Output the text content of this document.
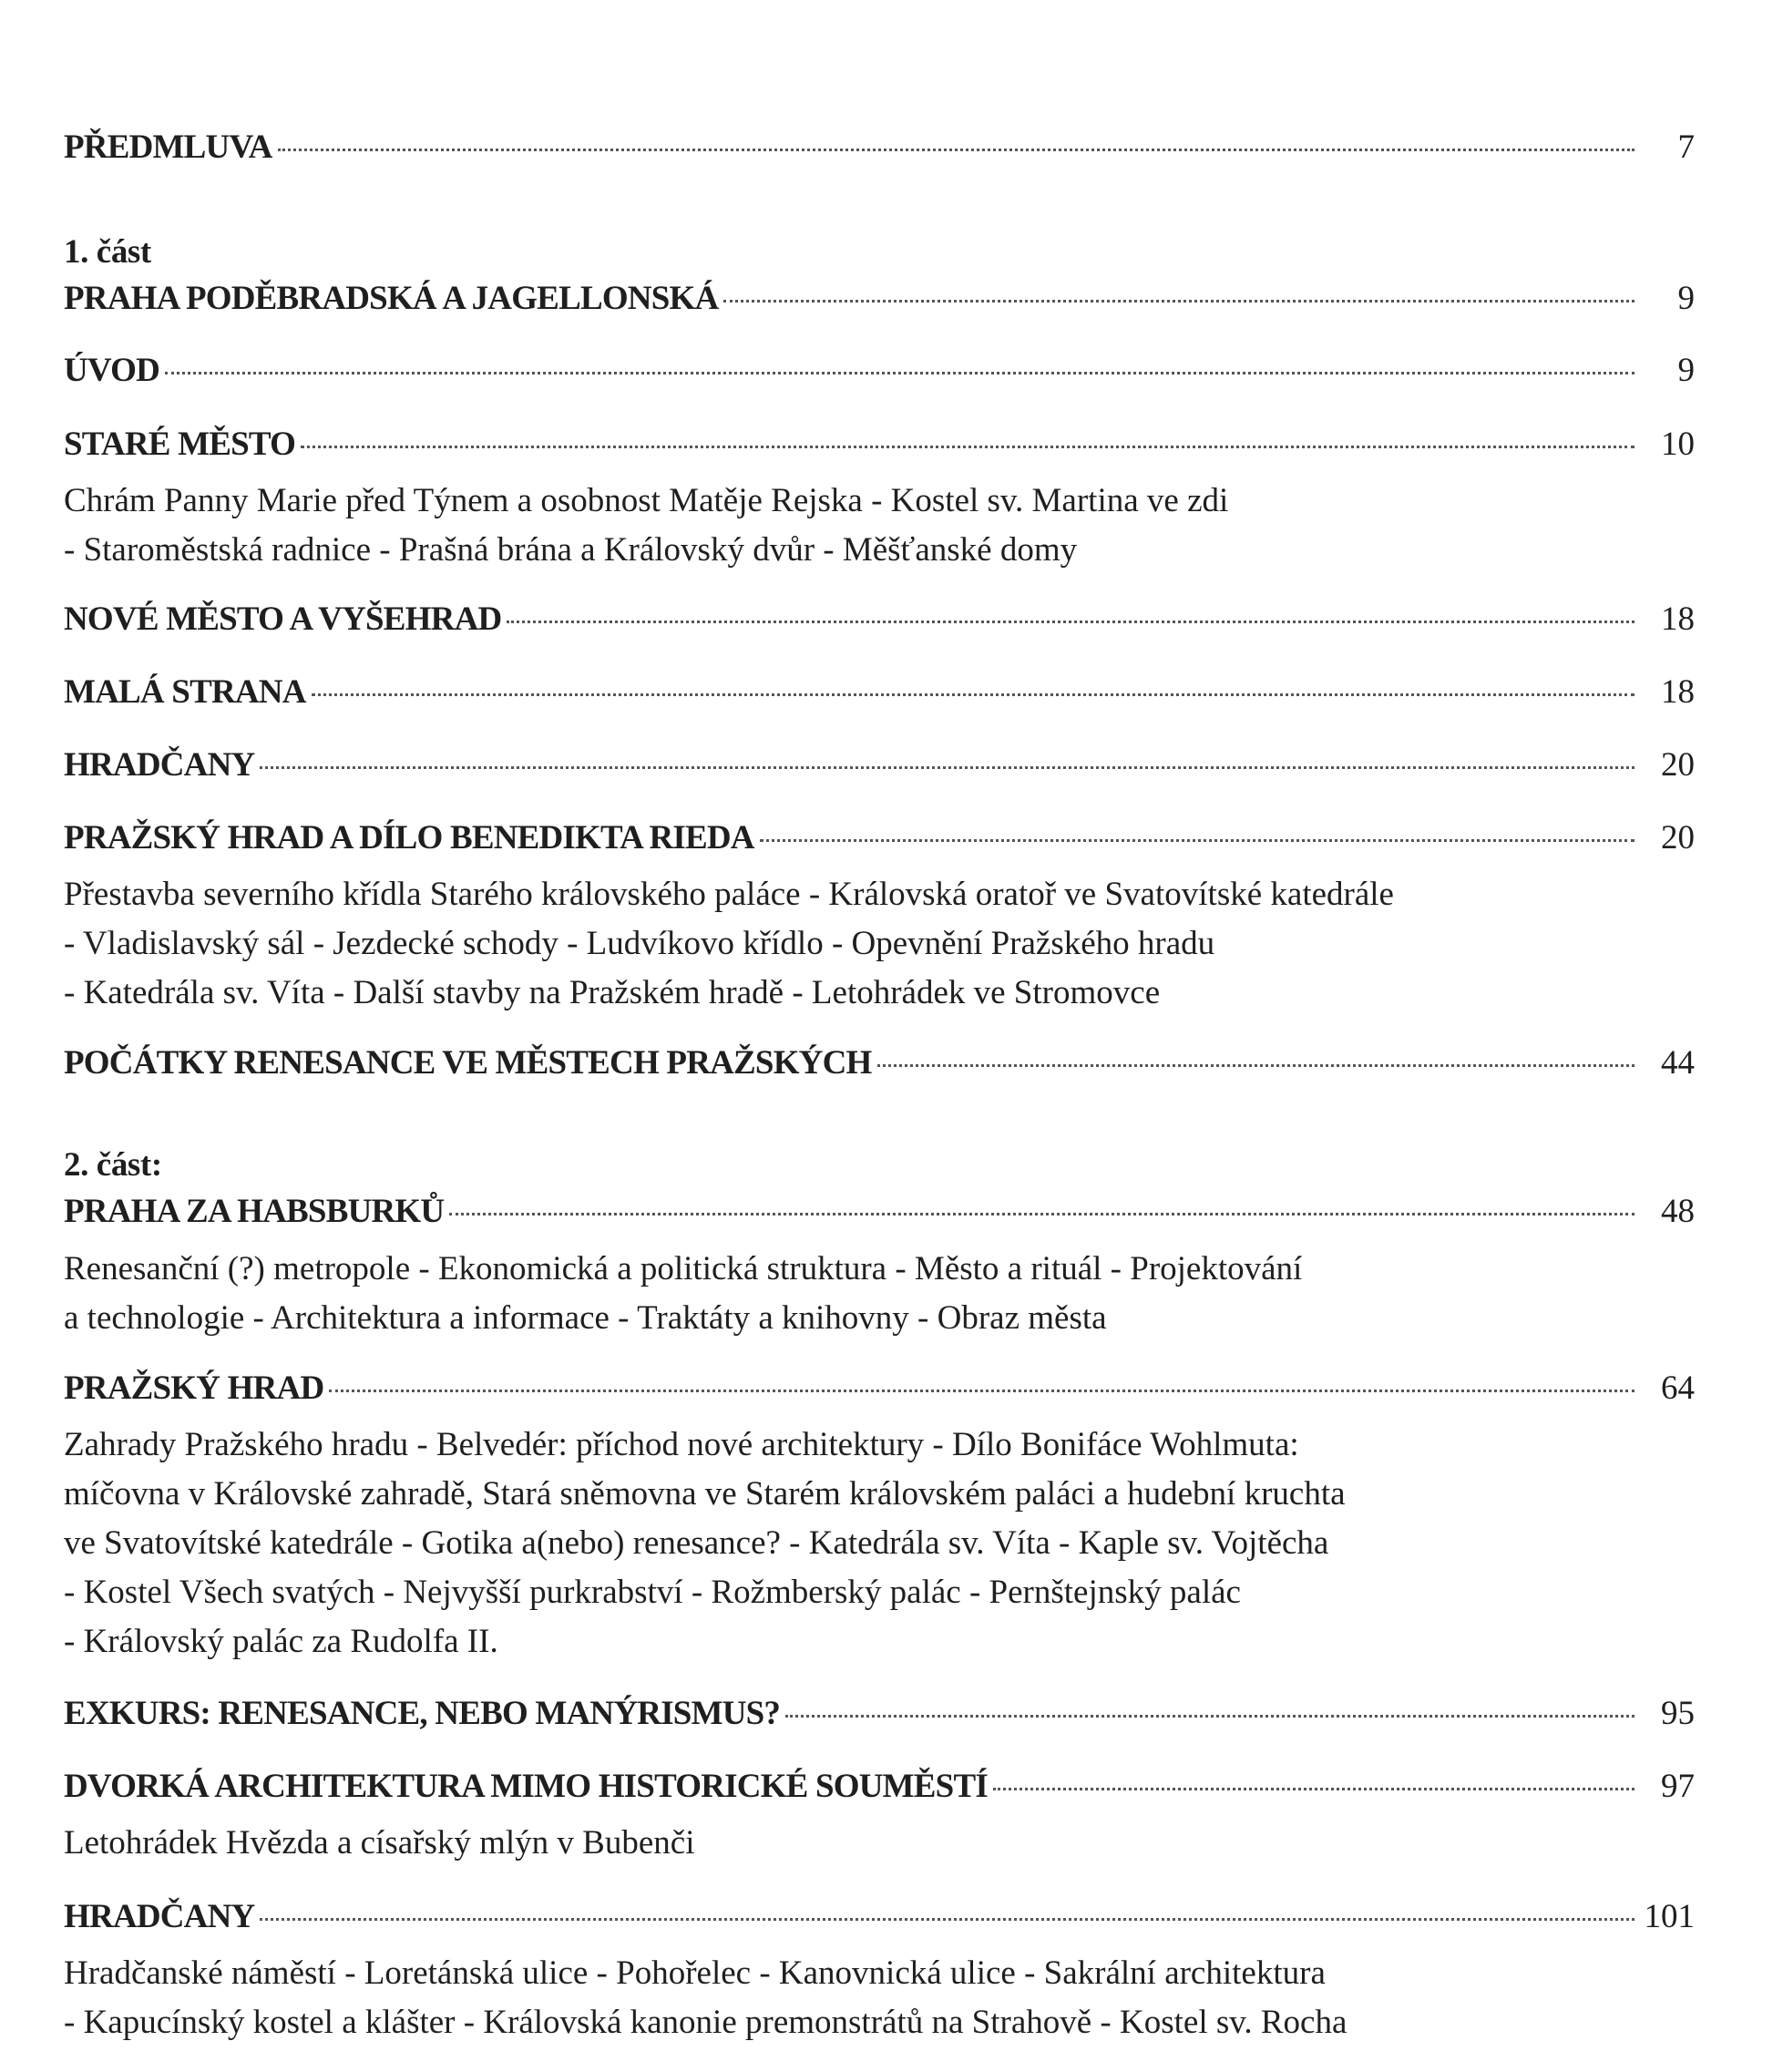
PŘEDMLUVA	7
1. část
PRAHA PODĚBRADSKÁ A JAGELLONSKÁ	9
ÚVOD	9
STARÉ MĚSTO	10
Chrám Panny Marie před Týnem a osobnost Matěje Rejska - Kostel sv. Martina ve zdi
- Staroměstská radnice - Prašná brána a Královský dvůr - Měšťanské domy
NOVÉ MĚSTO A VYŠEHRAD	18
MALÁ STRANA	18
HRADČANY	20
PRAŽSKÝ HRAD A DÍLO BENEDIKTA RIEDA	20
Přestavba severního křídla Starého královského paláce - Královská oratoř ve Svatovítské katedrále
- Vladislavský sál - Jezdecké schody - Ludvíkovo křídlo - Opevnění Pražského hradu
- Katedrála sv. Víta - Další stavby na Pražském hradě - Letohrádek ve Stromovce
POČÁTKY RENESANCE VE MĚSTECH PRAŽSKÝCH	44
2. část:
PRAHA ZA HABSBURKŮ	48
Renesanční (?) metropole - Ekonomická a politická struktura - Město a rituál - Projektování
a technologie - Architektura a informace - Traktáty a knihovny - Obraz města
PRAŽSKÝ HRAD	64
Zahrady Pražského hradu - Belvedér: příchod nové architektury - Dílo Bonifáce Wohlmuta:
míčovna v Královské zahradě, Stará sněmovna ve Starém královském paláci a hudební kruchta
ve Svatovítské katedrále - Gotika a(nebo) renesance? - Katedrála sv. Víta - Kaple sv. Vojtěcha
- Kostel Všech svatých - Nejvyšší purkrabství - Rožmberský palác - Pernštejnský palác
- Královský palác za Rudolfa II.
EXKURS: RENESANCE, NEBO MANÝRISMUS?	95
DVORKÁ ARCHITEKTURA MIMO HISTORICKÉ SOUMĚSTÍ	97
Letohrádek Hvězda a císařský mlýn v Bubenči
HRADČANY	101
Hradčanské náměstí - Loretánská ulice - Pohořelec - Kanovnická ulice - Sakrální architektura
- Kapucínský kostel a klášter - Královská kanonie premonstrátů na Strahově - Kostel sv. Rocha
